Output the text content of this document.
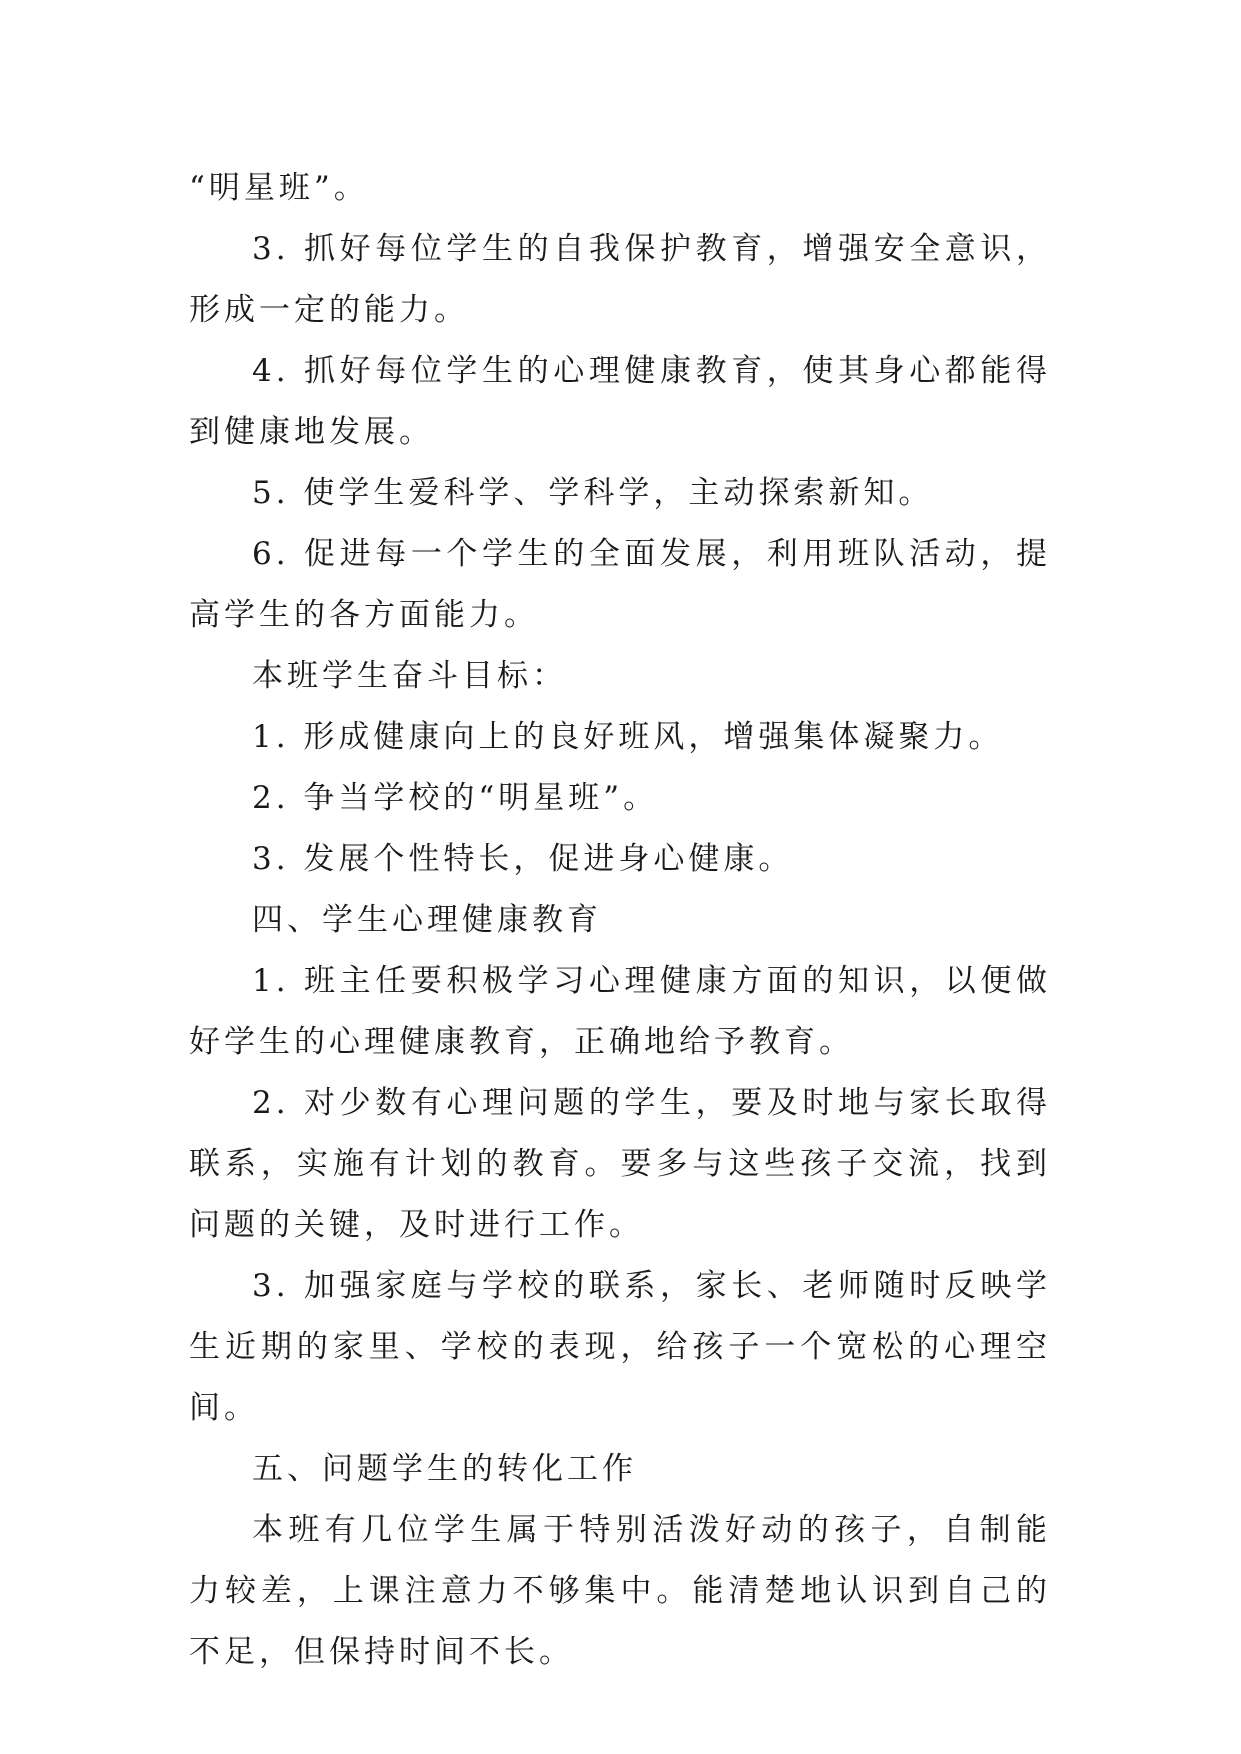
“明星班”。

3. 抓好每位学生的自我保护教育，增强安全意识，形成一定的能力。

4. 抓好每位学生的心理健康教育，使其身心都能得到健康地发展。

5. 使学生爱科学、学科学，主动探索新知。

6. 促进每一个学生的全面发展，利用班队活动，提高学生的各方面能力。

本班学生奋斗目标：

1. 形成健康向上的良好班风，增强集体凝聚力。

2. 争当学校的“明星班”。

3. 发展个性特长，促进身心健康。

四、学生心理健康教育

1. 班主任要积极学习心理健康方面的知识，以便做好学生的心理健康教育，正确地给予教育。

2. 对少数有心理问题的学生，要及时地与家长取得联系，实施有计划的教育。要多与这些孩子交流，找到问题的关键，及时进行工作。

3. 加强家庭与学校的联系，家长、老师随时反映学生近期的家里、学校的表现，给孩子一个宽松的心理空间。

五、问题学生的转化工作

本班有几位学生属于特别活泼好动的孩子，自制能力较差，上课注意力不够集中。能清楚地认识到自己的不足，但保持时间不长。
